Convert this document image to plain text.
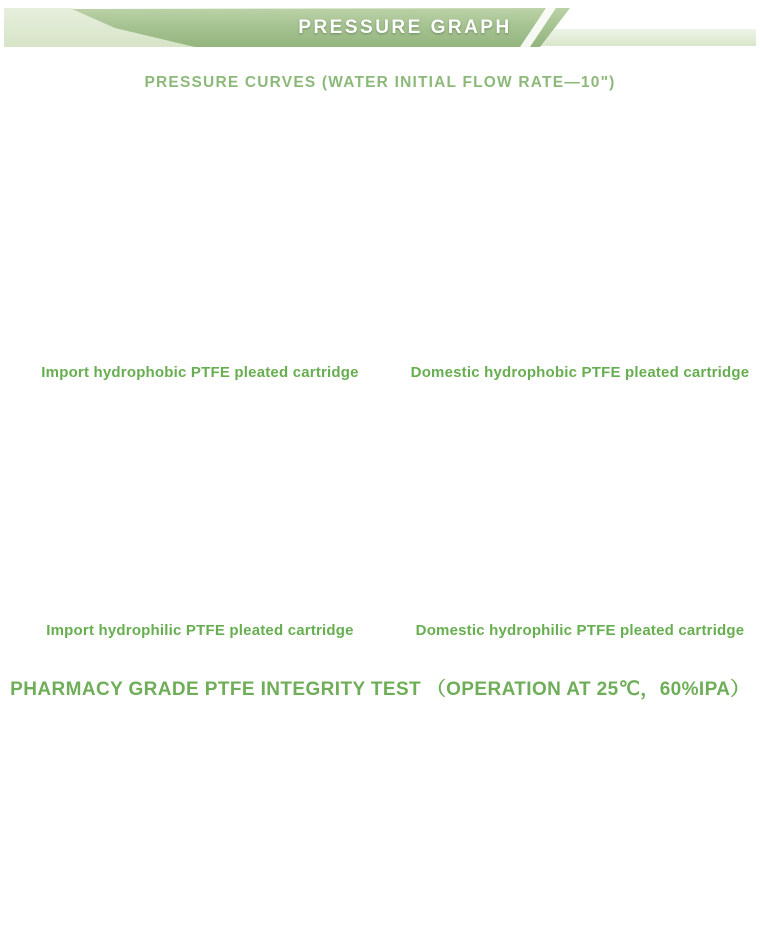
PRESSURE GRAPH
PRESSURE CURVES (WATER INITIAL FLOW RATE—10")
Import hydrophobic PTFE pleated cartridge	Domestic hydrophobic PTFE pleated cartridge
Import hydrophilic PTFE pleated cartridge	Domestic hydrophilic PTFE pleated cartridge
PHARMACY GRADE PTFE INTEGRITY TEST （OPERATION AT 25℃，60%IPA）
